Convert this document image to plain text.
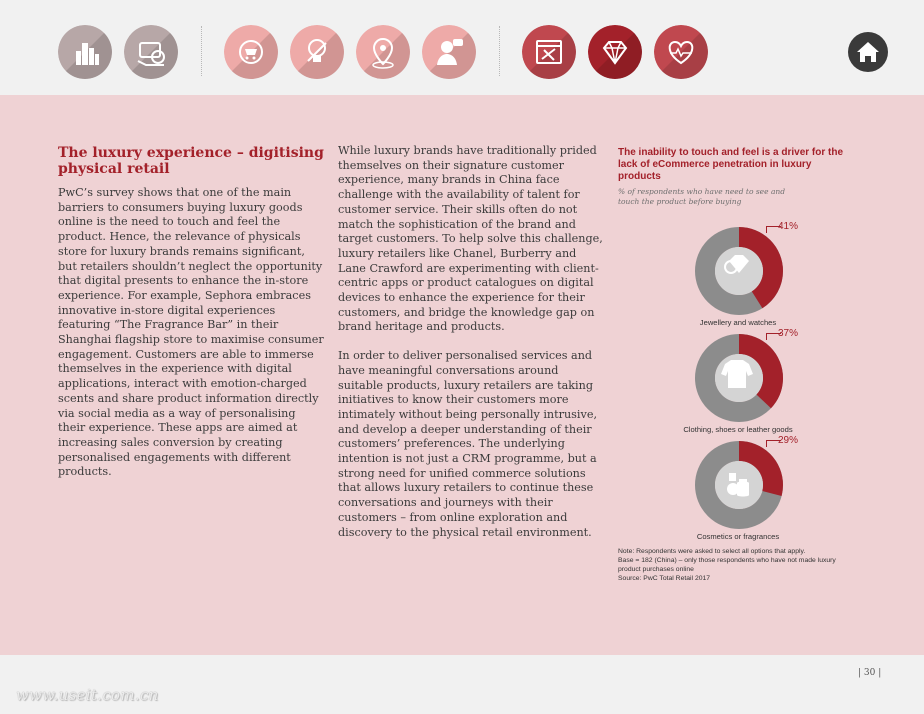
The luxury experience – digitising physical retail

PwC’s survey shows that one of the main barriers to consumers buying luxury goods online is the need to touch and feel the product. Hence, the relevance of physicals store for luxury brands remains significant, but retailers shouldn’t neglect the opportunity that digital presents to enhance the in-store experience. For example, Sephora embraces innovative in-store digital experiences featuring “The Fragrance Bar” in their Shanghai flagship store to maximise consumer engagement. Customers are able to immerse themselves in the experience with digital applications, interact with emotion-charged scents and share product information directly via social media as a way of personalising their experience. These apps are aimed at increasing sales conversion by creating personalised engagements with different products.

While luxury brands have traditionally prided themselves on their signature customer experience, many brands in China face challenge with the availability of talent for customer service. Their skills often do not match the sophistication of the brand and target customers. To help solve this challenge, luxury retailers like Chanel, Burberry and Lane Crawford are experimenting with client-centric apps or product catalogues on digital devices to enhance the experience for their customers, and bridge the knowledge gap on brand heritage and products.

In order to deliver personalised services and have meaningful conversations around suitable products, luxury retailers are taking initiatives to know their customers more intimately without being personally intrusive, and develop a deeper understanding of their customers’ preferences. The underlying intention is not just a CRM programme, but a strong need for unified commerce solutions that allows luxury retailers to continue these conversations and journeys with their customers – from online exploration and discovery to the physical retail environment.

The inability to touch and feel is a driver for the lack of eCommerce penetration in luxury products

% of respondents who have need to see and touch the product before buying

41%
Jewellery and watches
37%
Clothing, shoes or leather goods
29%
Cosmetics or fragrances

Note: Respondents were asked to select all options that apply.

Base = 182 (China) – only those respondents who have not made luxury product purchases online

Source: PwC Total Retail 2017

| 30 |
www.useit.com.cn
